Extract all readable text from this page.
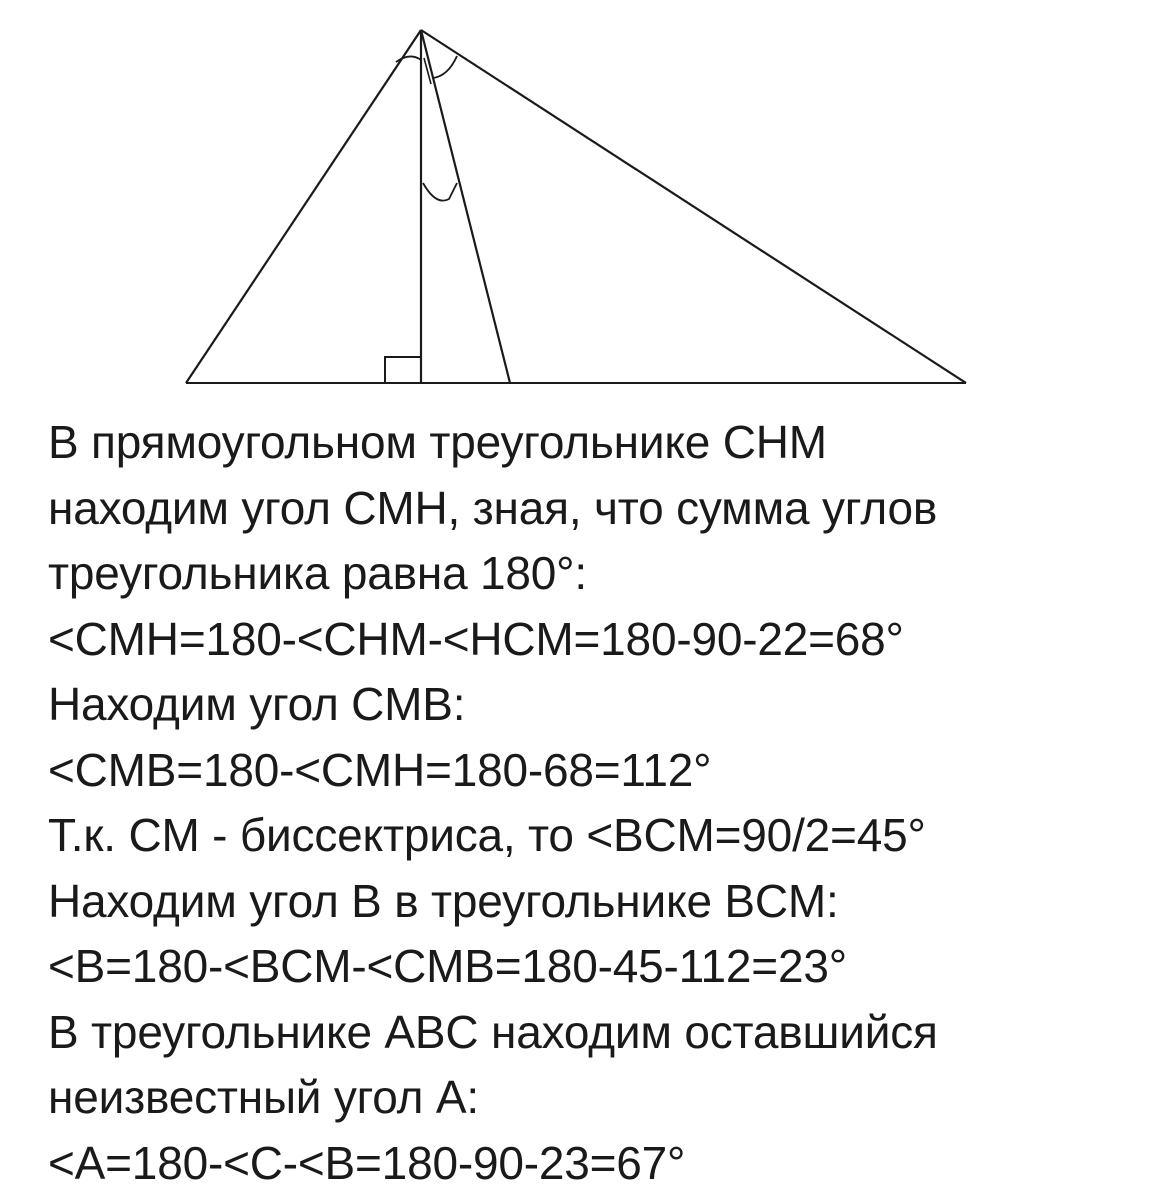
В прямоугольном треугольнике CHM
находим угол CMH, зная, что сумма углов
треугольника равна 180°:
<CMH=180-<CHM-<HCM=180-90-22=68°
Находим угол CMB:
<CMB=180-<CMH=180-68=112°
Т.к. CM - биссектриса, то <BCM=90/2=45°
Находим угол В в треугольнике BCM:
<B=180-<BCM-<CMB=180-45-112=23°
В треугольнике ABC находим оставшийся
неизвестный угол А:
<A=180-<C-<B=180-90-23=67°
